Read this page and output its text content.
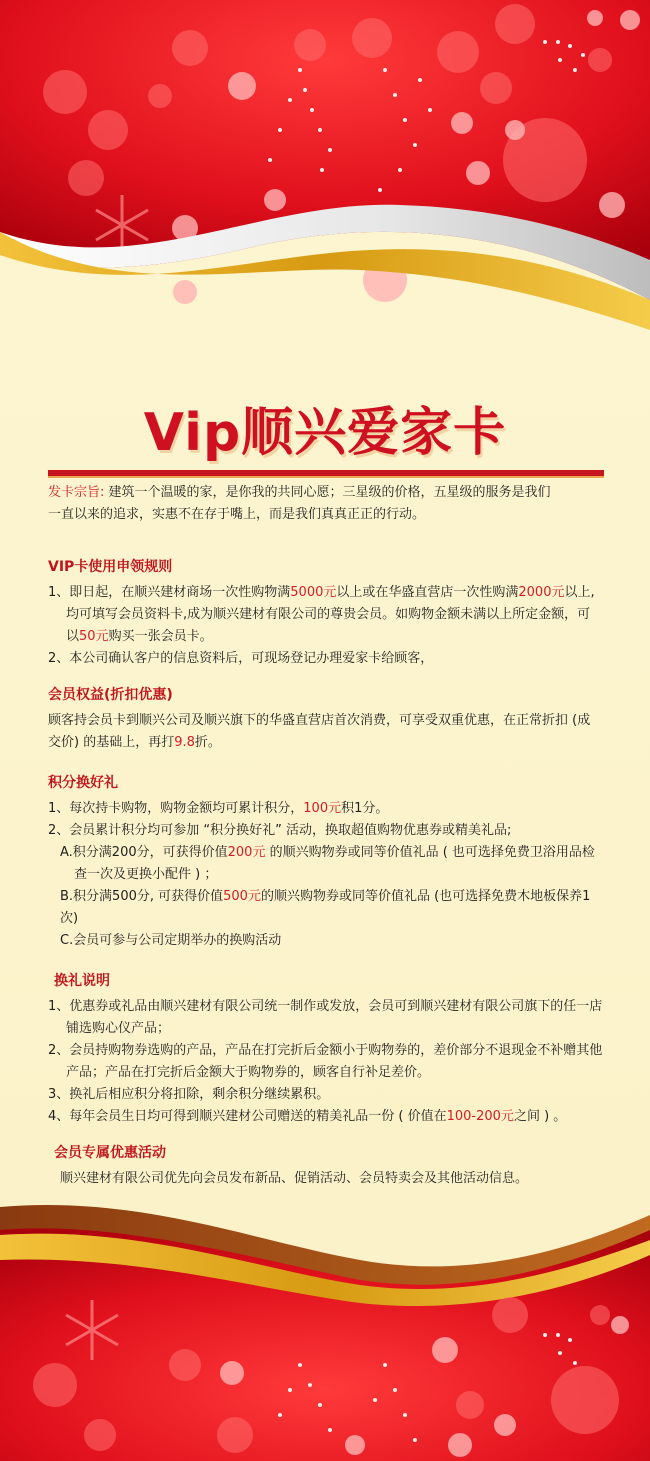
Vip顺兴爱家卡

发卡宗旨: 建筑一个温暖的家，是你我的共同心愿；三星级的价格，五星级的服务是我们
一直以来的追求，实惠不在存于嘴上，而是我们真真正正的行动。

VIP卡使用申领规则

1、即日起，在顺兴建材商场一次性购物满5000元以上或在华盛直营店一次性购满2000元以上,

均可填写会员资料卡,成为顺兴建材有限公司的尊贵会员。如购物金额未满以上所定金额，可

以50元购买一张会员卡。

2、本公司确认客户的信息资料后，可现场登记办理爱家卡给顾客，

会员权益(折扣优惠)

顾客持会员卡到顺兴公司及顺兴旗下的华盛直营店首次消费，可享受双重优惠，在正常折扣 (成

交价) 的基础上，再打9.8折。

积分换好礼

1、每次持卡购物，购物金额均可累计积分，100元积1分。

2、会员累计积分均可参加 “积分换好礼” 活动，换取超值购物优惠券或精美礼品;

A.积分满200分，可获得价值200元 的顺兴购物券或同等价值礼品 ( 也可选择免费卫浴用品检

查一次及更换小配件 ) ；

B.积分满500分, 可获得价值500元的顺兴购物券或同等价值礼品 (也可选择免费木地板保养1次)

C.会员可参与公司定期举办的换购活动

换礼说明

1、优惠券或礼品由顺兴建材有限公司统一制作或发放，会员可到顺兴建材有限公司旗下的任一店

铺选购心仪产品；

2、会员持购物券选购的产品，产品在打完折后金额小于购物券的，差价部分不退现金不补赠其他

产品；产品在打完折后金额大于购物券的，顾客自行补足差价。

3、换礼后相应积分将扣除，剩余积分继续累积。

4、每年会员生日均可得到顺兴建材公司赠送的精美礼品一份 ( 价值在100-200元之间 ) 。

会员专属优惠活动

顺兴建材有限公司优先向会员发布新品、促销活动、会员特卖会及其他活动信息。
